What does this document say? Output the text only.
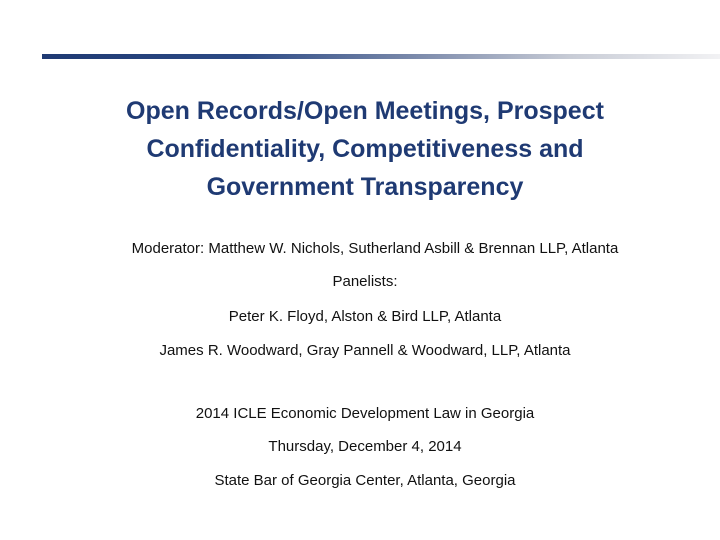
Open Records/Open Meetings, Prospect
Confidentiality, Competitiveness and
Government Transparency
Moderator: Matthew W. Nichols, Sutherland Asbill & Brennan LLP, Atlanta
Panelists:
Peter K. Floyd, Alston & Bird LLP, Atlanta
James R. Woodward, Gray Pannell & Woodward, LLP, Atlanta
2014 ICLE Economic Development Law in Georgia
Thursday, December 4, 2014
State Bar of Georgia Center, Atlanta, Georgia
